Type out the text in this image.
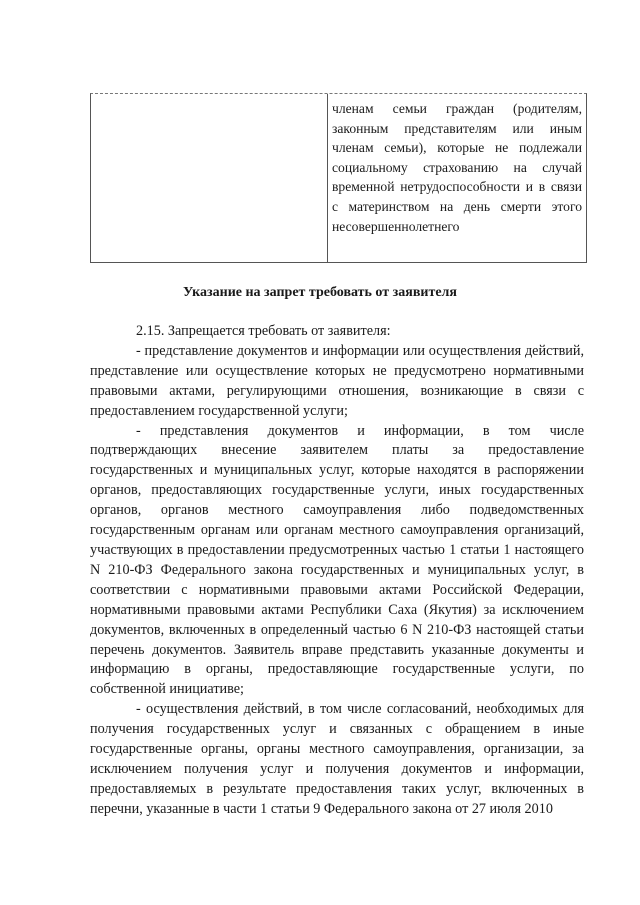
членам семьи граждан (родителям, законным представителям или иным членам семьи), которые не подлежали социальному страхованию на случай временной нетрудоспособности и в связи с материнством на день смерти этого несовершеннолетнего

Указание на запрет требовать от заявителя

2.15. Запрещается требовать от заявителя:

- представление документов и информации или осуществления действий, представление или осуществление которых не предусмотрено нормативными правовыми актами, регулирующими отношения, возникающие в связи с предоставлением государственной услуги;

- представления документов и информации, в том числе подтверждающих внесение заявителем платы за предоставление государственных и муниципальных услуг, которые находятся в распоряжении органов, предоставляющих государственные услуги, иных государственных органов, органов местного самоуправления либо подведомственных государственным органам или органам местного самоуправления организаций, участвующих в предоставлении предусмотренных частью 1 статьи 1 настоящего N 210-ФЗ Федерального закона государственных и муниципальных услуг, в соответствии с нормативными правовыми актами Российской Федерации, нормативными правовыми актами Республики Саха (Якутия) за исключением документов, включенных в определенный частью 6 N 210-ФЗ настоящей статьи перечень документов. Заявитель вправе представить указанные документы и информацию в органы, предоставляющие государственные услуги, по собственной инициативе;

- осуществления действий, в том числе согласований, необходимых для получения государственных услуг и связанных с обращением в иные государственные органы, органы местного самоуправления, организации, за исключением получения услуг и получения документов и информации, предоставляемых в результате предоставления таких услуг, включенных в перечни, указанные в части 1 статьи 9 Федерального закона от 27 июля 2010
